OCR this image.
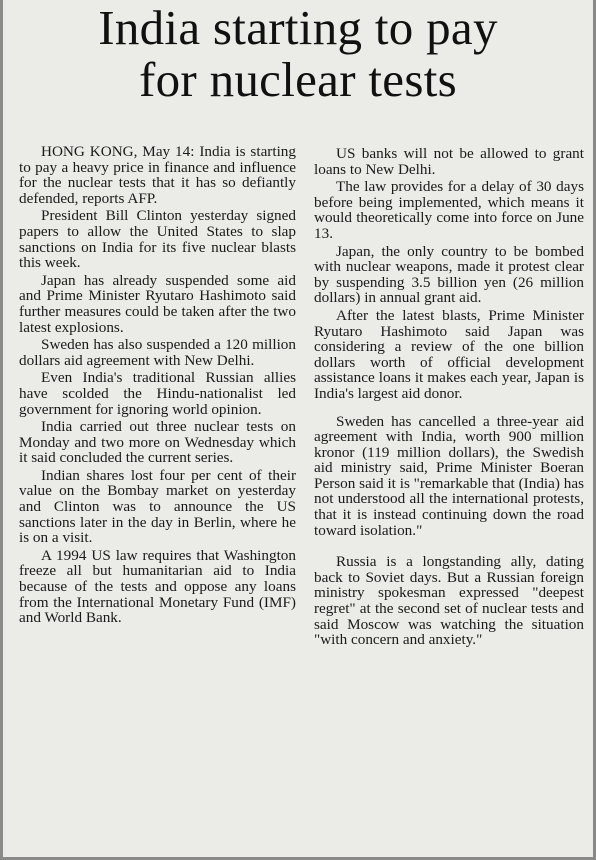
India starting to pay
for nuclear tests

HONG KONG, May 14: India is starting to pay a heavy price in finance and influence for the nuclear tests that it has so defiantly defended, reports AFP.

President Bill Clinton yesterday signed papers to allow the United States to slap sanctions on India for its five nuclear blasts this week.

Japan has already suspended some aid and Prime Minister Ryutaro Hashimoto said further measures could be taken after the two latest explosions.

Sweden has also suspended a 120 million dollars aid agreement with New Delhi.

Even India's traditional Russian allies have scolded the Hindu-nationalist led government for ignoring world opinion.

India carried out three nuclear tests on Monday and two more on Wednesday which it said concluded the current series.

Indian shares lost four per cent of their value on the Bombay market on yesterday and Clinton was to announce the US sanctions later in the day in Berlin, where he is on a visit.

A 1994 US law requires that Washington freeze all but humanitarian aid to India because of the tests and oppose any loans from the International Monetary Fund (IMF) and World Bank.

US banks will not be allowed to grant loans to New Delhi.

The law provides for a delay of 30 days before being implemented, which means it would theoretically come into force on June 13.

Japan, the only country to be bombed with nuclear weapons, made it protest clear by suspending 3.5 billion yen (26 million dollars) in annual grant aid.

After the latest blasts, Prime Minister Ryutaro Hashimoto said Japan was considering a review of the one billion dollars worth of official development assistance loans it makes each year, Japan is India's largest aid donor.

Sweden has cancelled a three-year aid agreement with India, worth 900 million kronor (119 million dollars), the Swedish aid ministry said, Prime Minister Boeran Person said it is "remarkable that (India) has not understood all the international protests, that it is instead continuing down the road toward isolation."

Russia is a longstanding ally, dating back to Soviet days. But a Russian foreign ministry spokesman expressed "deepest regret" at the second set of nuclear tests and said Moscow was watching the situation "with concern and anxiety."
